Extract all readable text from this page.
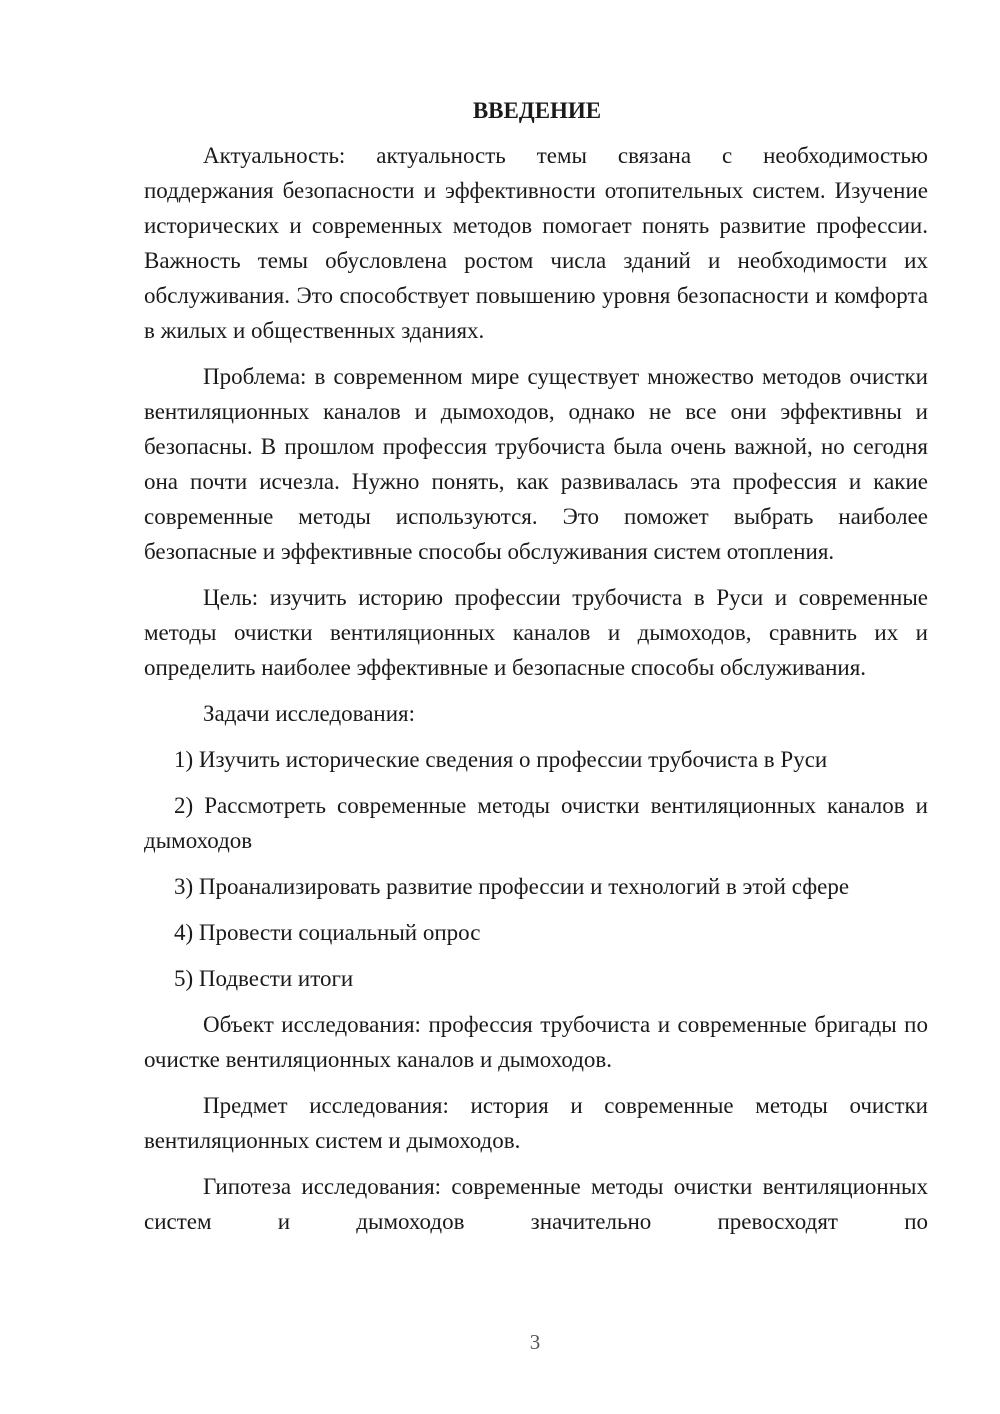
ВВЕДЕНИЕ

Актуальность: актуальность темы связана с необходимостью поддержания безопасности и эффективности отопительных систем. Изучение исторических и современных методов помогает понять развитие профессии. Важность темы обусловлена ростом числа зданий и необходимости их обслуживания. Это способствует повышению уровня безопасности и комфорта в жилых и общественных зданиях.

Проблема: в современном мире существует множество методов очистки вентиляционных каналов и дымоходов, однако не все они эффективны и безопасны. В прошлом профессия трубочиста была очень важной, но сегодня она почти исчезла. Нужно понять, как развивалась эта профессия и какие современные методы используются. Это поможет выбрать наиболее безопасные и эффективные способы обслуживания систем отопления.

Цель: изучить историю профессии трубочиста в Руси и современные методы очистки вентиляционных каналов и дымоходов, сравнить их и определить наиболее эффективные и безопасные способы обслуживания.

Задачи исследования:

1) Изучить исторические сведения о профессии трубочиста в Руси

2) Рассмотреть современные методы очистки вентиляционных каналов и дымоходов

3) Проанализировать развитие профессии и технологий в этой сфере

4) Провести социальный опрос

5) Подвести итоги

Объект исследования: профессия трубочиста и современные бригады по очистке вентиляционных каналов и дымоходов.

Предмет исследования: история и современные методы очистки вентиляционных систем и дымоходов.

Гипотеза исследования: современные методы очистки вентиляционных систем и дымоходов значительно превосходят по

3
